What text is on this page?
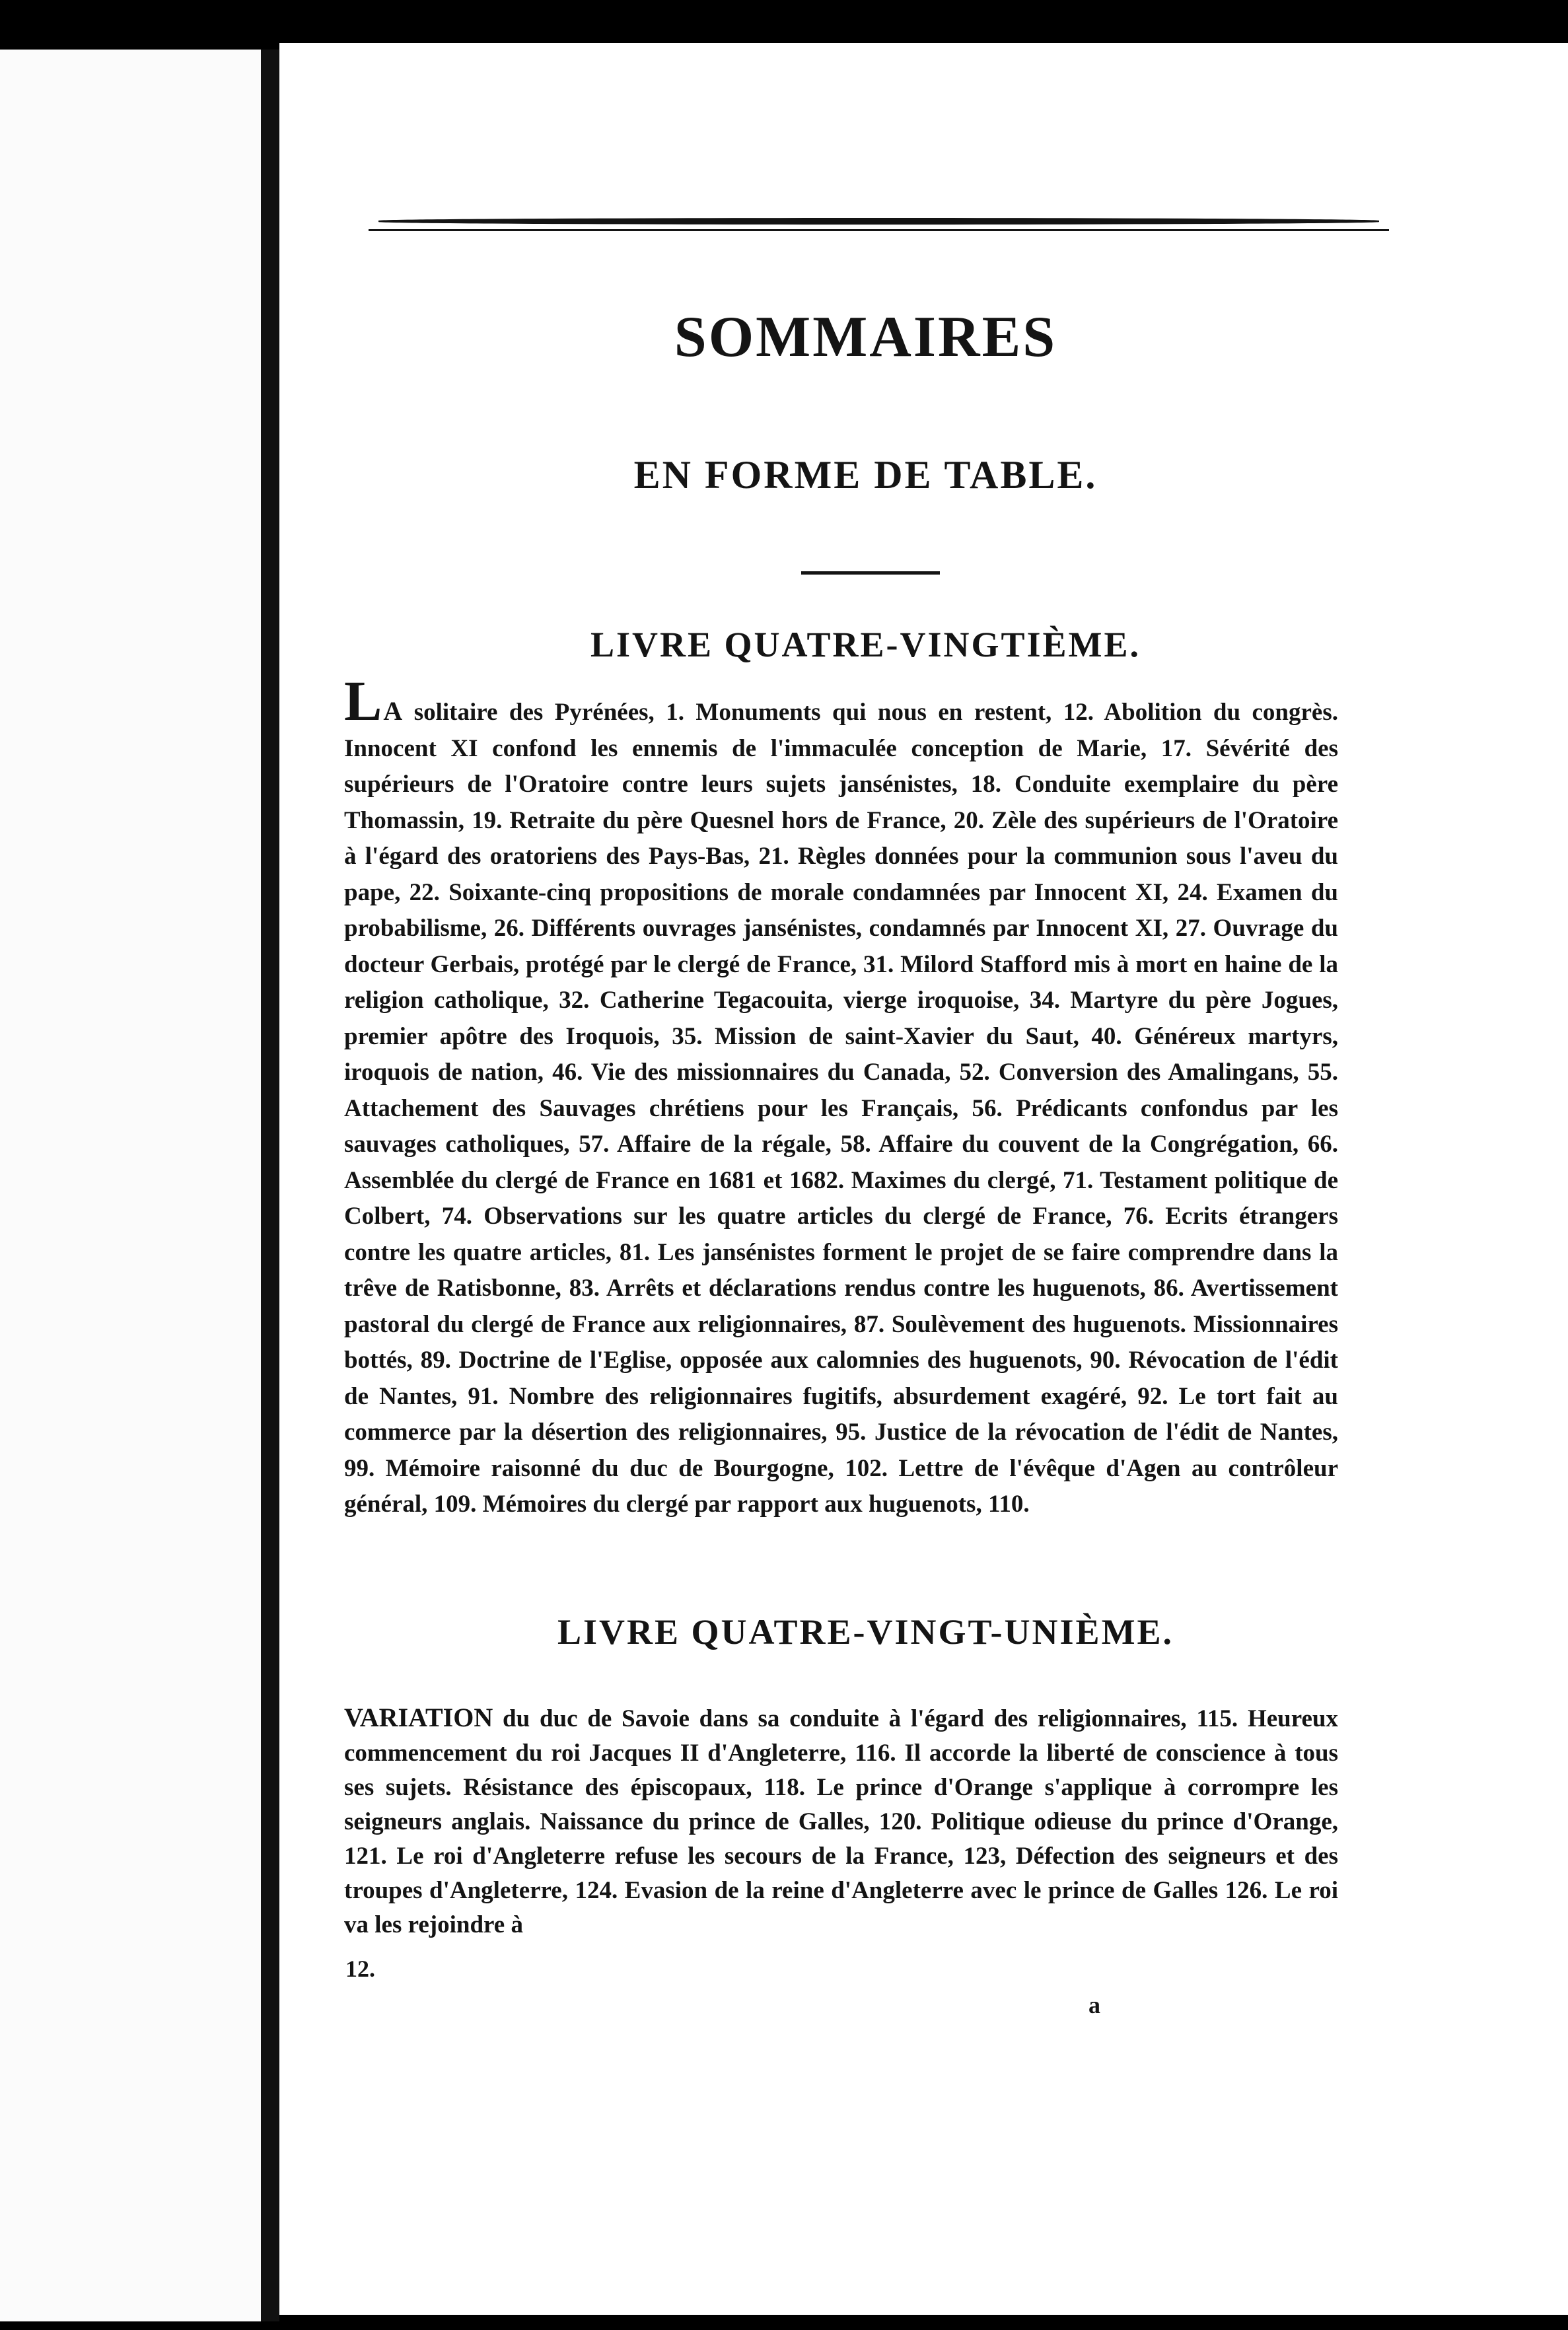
SOMMAIRES
EN FORME DE TABLE.
LIVRE QUATRE-VINGTIÈME.

LA solitaire des Pyrénées, 1. Monuments qui nous en restent, 12. Abolition du congrès. Innocent XI confond les ennemis de l'immaculée conception de Marie, 17. Sévérité des supérieurs de l'Oratoire contre leurs sujets jansénistes, 18. Conduite exemplaire du père Thomassin, 19. Retraite du père Quesnel hors de France, 20. Zèle des supérieurs de l'Oratoire à l'égard des oratoriens des Pays-Bas, 21. Règles données pour la communion sous l'aveu du pape, 22. Soixante-cinq propositions de morale condamnées par Innocent XI, 24. Examen du probabilisme, 26. Différents ouvrages jansénistes, condamnés par Innocent XI, 27. Ouvrage du docteur Gerbais, protégé par le clergé de France, 31. Milord Stafford mis à mort en haine de la religion catholique, 32. Catherine Tegacouita, vierge iroquoise, 34. Martyre du père Jogues, premier apôtre des Iroquois, 35. Mission de saint-Xavier du Saut, 40. Généreux martyrs, iroquois de nation, 46. Vie des missionnaires du Canada, 52. Conversion des Amalingans, 55. Attachement des Sauvages chrétiens pour les Français, 56. Prédicants confondus par les sauvages catholiques, 57. Affaire de la régale, 58. Affaire du couvent de la Congrégation, 66. Assemblée du clergé de France en 1681 et 1682. Maximes du clergé, 71. Testament politique de Colbert, 74. Observations sur les quatre articles du clergé de France, 76. Ecrits étrangers contre les quatre articles, 81. Les jansénistes forment le projet de se faire comprendre dans la trêve de Ratisbonne, 83. Arrêts et déclarations rendus contre les huguenots, 86. Avertissement pastoral du clergé de France aux religionnaires, 87. Soulèvement des huguenots. Missionnaires bottés, 89. Doctrine de l'Eglise, opposée aux calomnies des huguenots, 90. Révocation de l'édit de Nantes, 91. Nombre des religionnaires fugitifs, absurdement exagéré, 92. Le tort fait au commerce par la désertion des religionnaires, 95. Justice de la révocation de l'édit de Nantes, 99. Mémoire raisonné du duc de Bourgogne, 102. Lettre de l'évêque d'Agen au contrôleur général, 109. Mémoires du clergé par rapport aux huguenots, 110.

LIVRE QUATRE-VINGT-UNIÈME.

VARIATION du duc de Savoie dans sa conduite à l'égard des religionnaires, 115. Heureux commencement du roi Jacques II d'Angleterre, 116. Il accorde la liberté de conscience à tous ses sujets. Résistance des épiscopaux, 118. Le prince d'Orange s'applique à corrompre les seigneurs anglais. Naissance du prince de Galles, 120. Politique odieuse du prince d'Orange, 121. Le roi d'Angleterre refuse les secours de la France, 123, Défection des seigneurs et des troupes d'Angleterre, 124. Evasion de la reine d'Angleterre avec le prince de Galles 126. Le roi va les rejoindre à

12.

a
